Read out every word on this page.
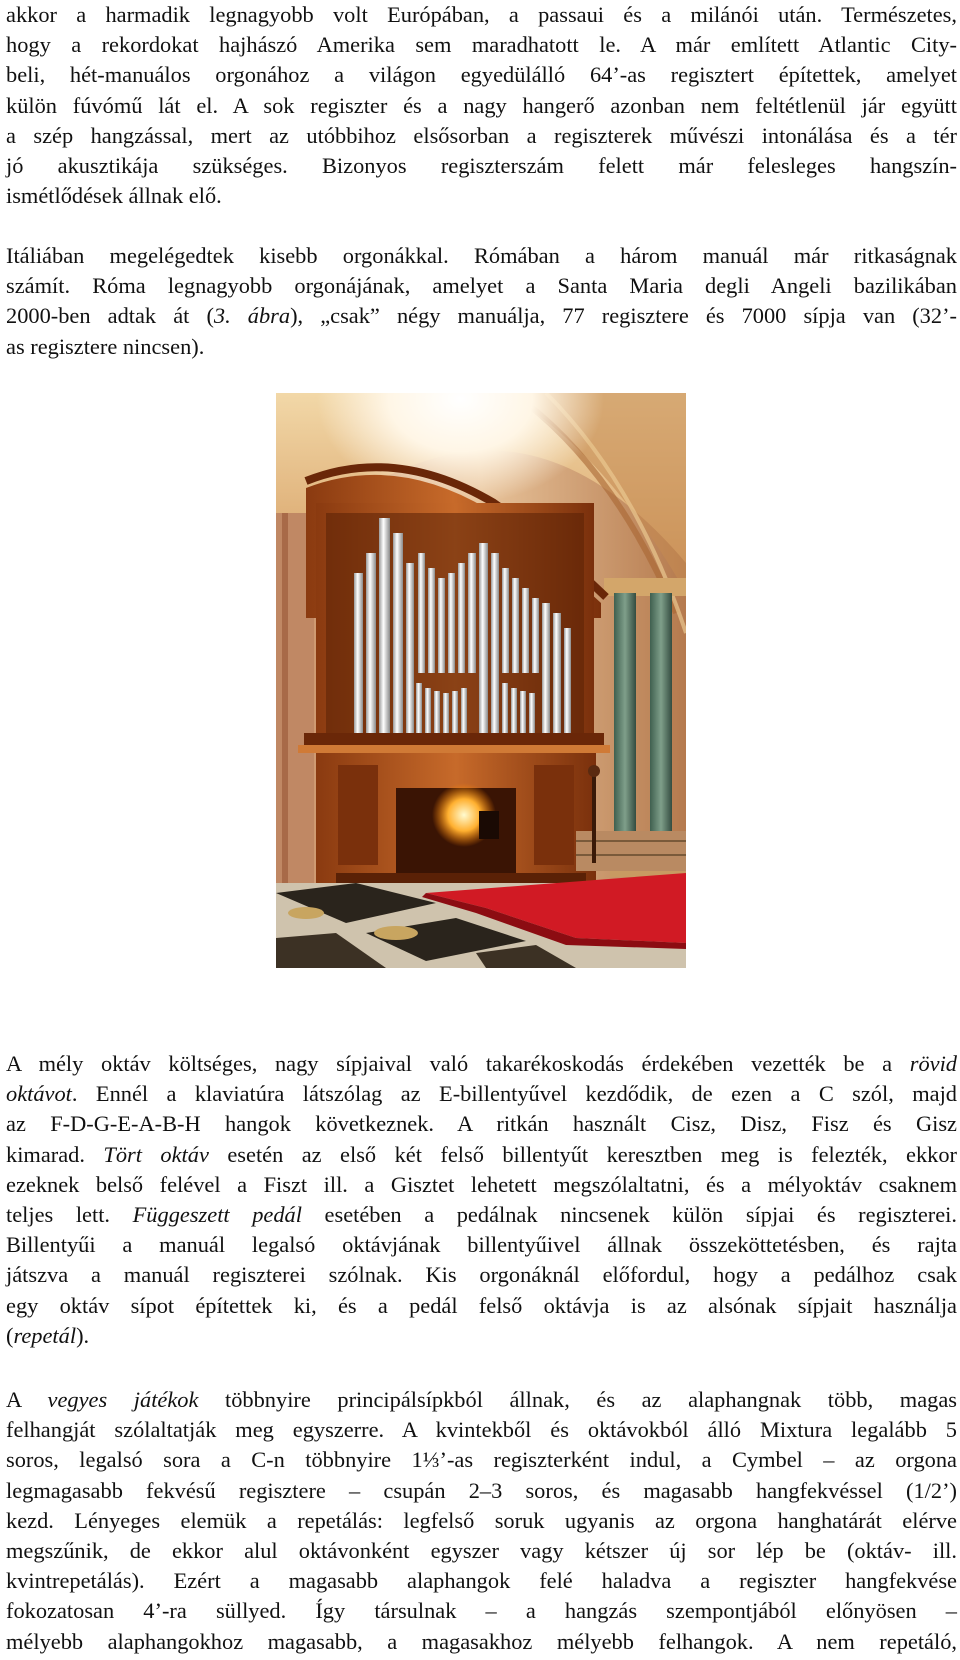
akkor a harmadik legnagyobb volt Európában, a passaui és a milánói után. Természetes,
hogy a rekordokat hajhászó Amerika sem maradhatott le. A már említett Atlantic City-
beli, hét-manuálos orgonához a világon egyedülálló 64’-as regisztert építettek, amelyet
külön fúvómű lát el. A sok regiszter és a nagy hangerő azonban nem feltétlenül jár együtt
a szép hangzással, mert az utóbbihoz elsősorban a regiszterek művészi intonálása és a tér
jó akusztikája szükséges. Bizonyos regiszterszám felett már felesleges hangszín-
ismétlődések állnak elő.

Itáliában megelégedtek kisebb orgonákkal. Rómában a három manuál már ritkaságnak
számít. Róma legnagyobb orgonájának, amelyet a Santa Maria degli Angeli bazilikában
2000-ben adtak át (3. ábra), „csak” négy manuálja, 77 regisztere és 7000 sípja van (32’-
as regisztere nincsen).

A mély oktáv költséges, nagy sípjaival való takarékoskodás érdekében vezették be a rövid
oktávot. Ennél a klaviatúra látszólag az E-billentyűvel kezdődik, de ezen a C szól, majd
az F-D-G-E-A-B-H hangok következnek. A ritkán használt Cisz, Disz, Fisz és Gisz
kimarad. Tört oktáv esetén az első két felső billentyűt keresztben meg is felezték, ekkor
ezeknek belső felével a Fiszt ill. a Gisztet lehetett megszólaltatni, és a mélyoktáv csaknem
teljes lett. Függeszett pedál esetében a pedálnak nincsenek külön sípjai és regiszterei.
Billentyűi a manuál legalsó oktávjának billentyűivel állnak összeköttetésben, és rajta
játszva a manuál regiszterei szólnak. Kis orgonáknál előfordul, hogy a pedálhoz csak
egy oktáv sípot építettek ki, és a pedál felső oktávja is az alsónak sípjait használja
(repetál).

A vegyes játékok többnyire principálsípkból állnak, és az alaphangnak több, magas
felhangját szólaltatják meg egyszerre. A kvintekből és oktávokból álló Mixtura legalább 5
soros, legalsó sora a C-n többnyire 1⅓’-as regiszterként indul, a Cymbel – az orgona
legmagasabb fekvésű regisztere – csupán 2–3 soros, és magasabb hangfekvéssel (1/2’)
kezd. Lényeges elemük a repetálás: legfelső soruk ugyanis az orgona hanghatárát elérve
megszűnik, de ekkor alul oktávonként egyszer vagy kétszer új sor lép be (oktáv- ill.
kvintrepetálás). Ezért a magasabb alaphangok felé haladva a regiszter hangfekvése
fokozatosan 4’-ra süllyed. Így társulnak – a hangzás szempontjából előnyösen –
mélyebb alaphangokhoz magasabb, a magasakhoz mélyebb felhangok. A nem repetáló,
